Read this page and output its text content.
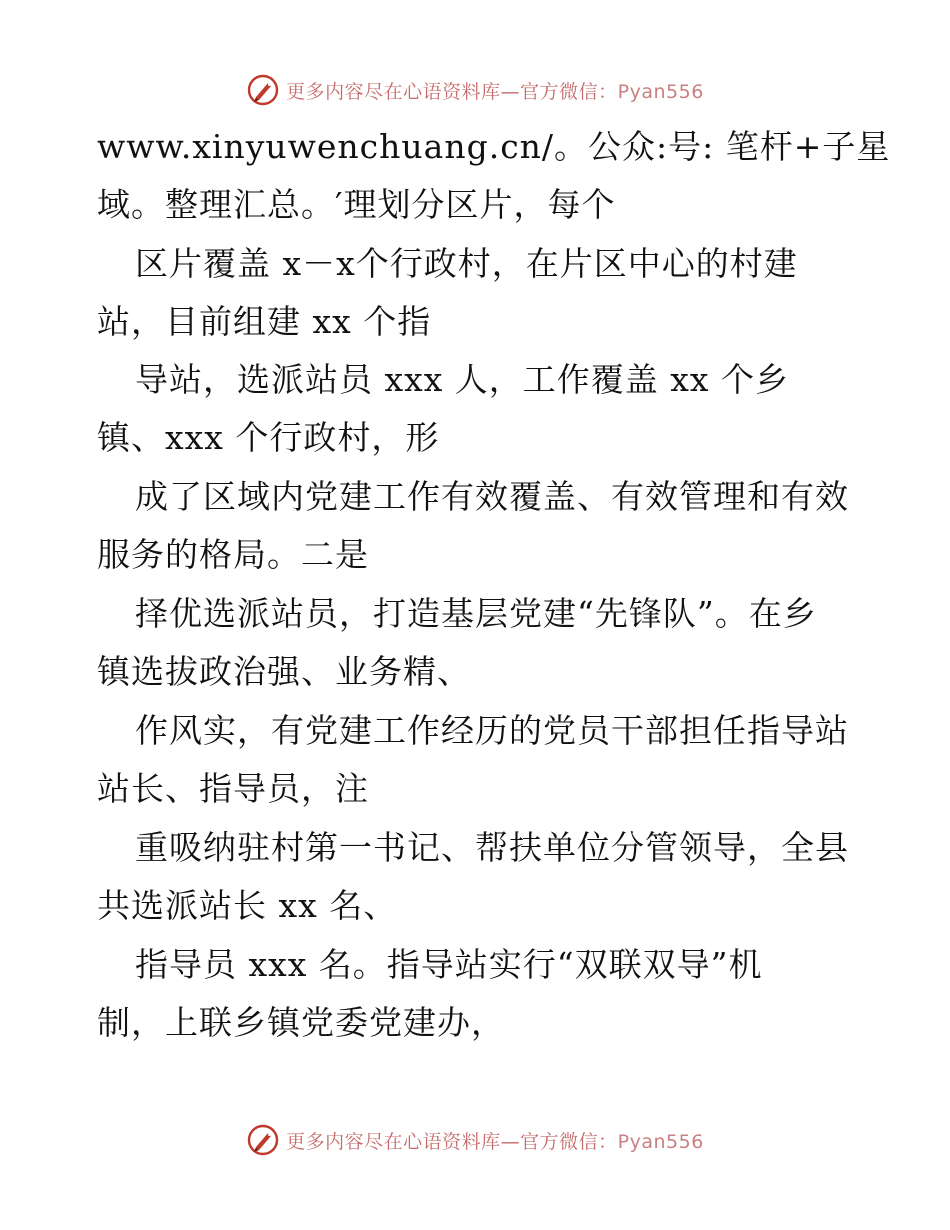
更多内容尽在心语资料库—官方微信：Pyan556
www.xinyuwenchuang.cn/。公众:号: 笔杆+子星
域。整理汇总。′理划分区片，每个
区片覆盖 x－x个行政村，在片区中心的村建
站，目前组建 xx 个指
导站，选派站员 xxx 人，工作覆盖 xx 个乡
镇、xxx 个行政村，形
成了区域内党建工作有效覆盖、有效管理和有效
服务的格局。二是
择优选派站员，打造基层党建“先锋队”。在乡
镇选拔政治强、业务精、
作风实，有党建工作经历的党员干部担任指导站
站长、指导员，注
重吸纳驻村第一书记、帮扶单位分管领导，全县
共选派站长 xx 名、
指导员 xxx 名。指导站实行“双联双导”机
制，上联乡镇党委党建办，
更多内容尽在心语资料库—官方微信：Pyan556
